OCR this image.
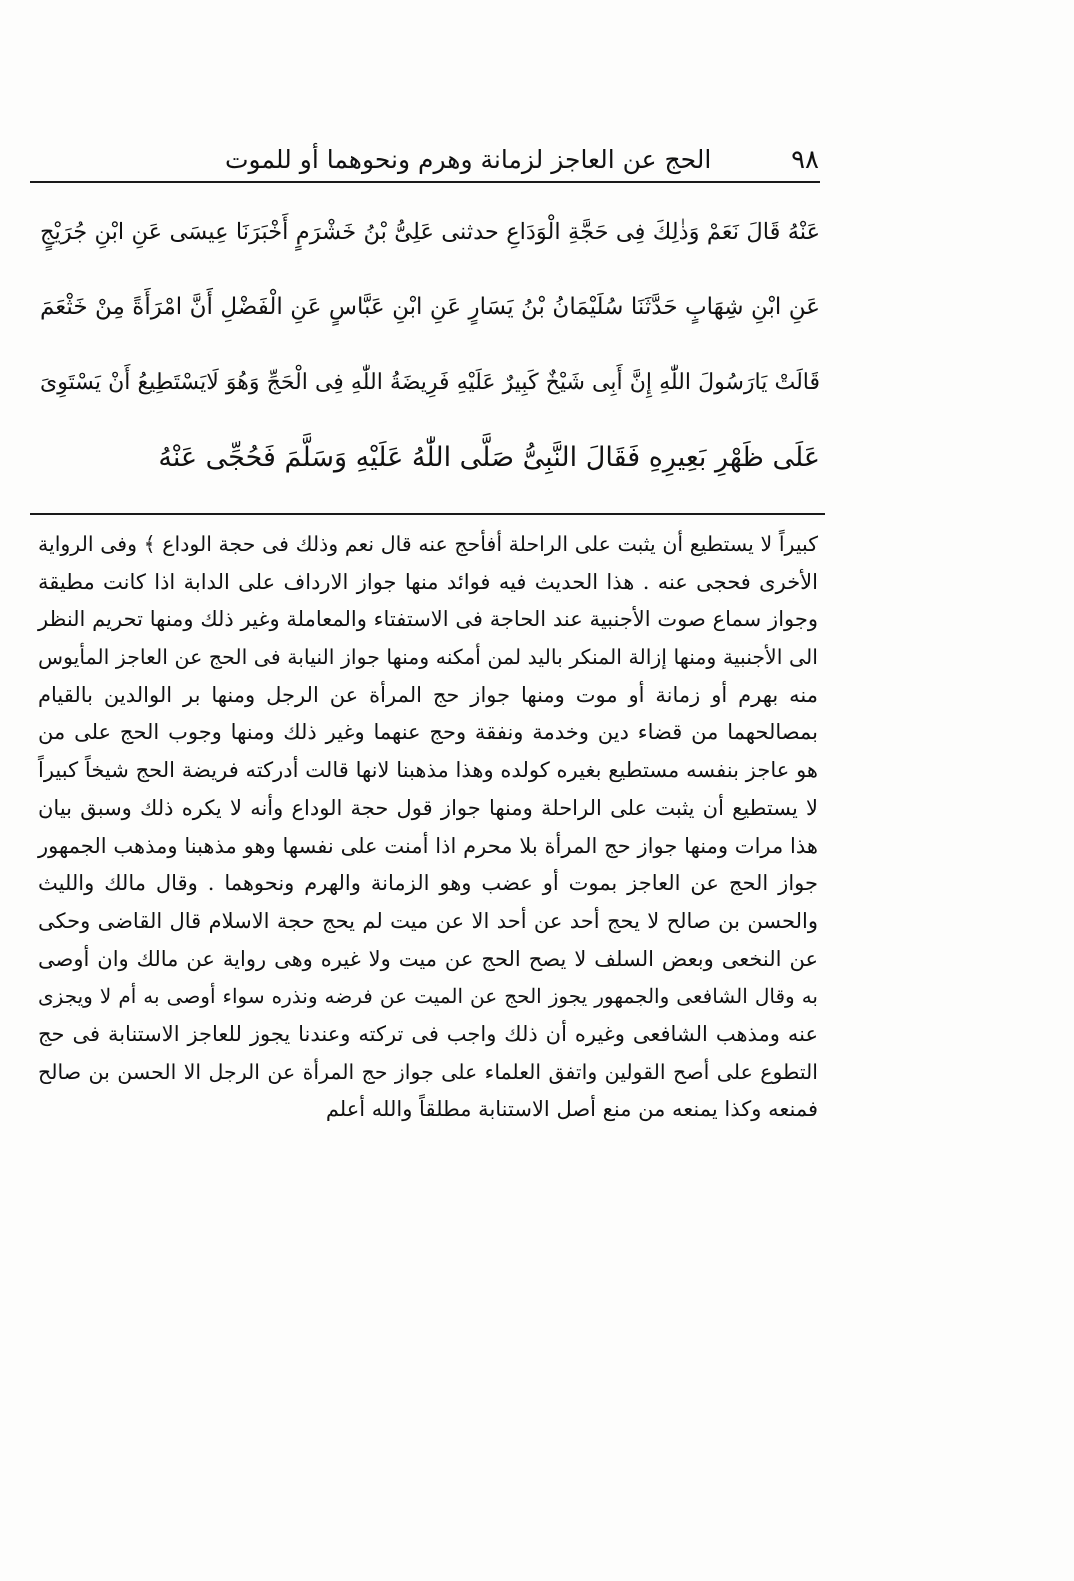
٩٨
الحج عن العاجز لزمانة وهرم ونحوهما أو للموت
عَنْهُ قَالَ نَعَمْ وَذٰلِكَ فِى حَجَّةِ الْوَدَاعِ حدثنى عَلِىُّ بْنُ خَشْرَمٍ أَخْبَرَنَا عِيسَى عَنِ ابْنِ جُرَيْجٍ
عَنِ ابْنِ شِهَابٍ حَدَّثَنَا سُلَيْمَانُ بْنُ يَسَارٍ عَنِ ابْنِ عَبَّاسٍ عَنِ الْفَضْلِ أَنَّ امْرَأَةً مِنْ خَثْعَمَ
قَالَتْ يَارَسُولَ اللّٰهِ إِنَّ أَبِى شَيْخٌ كَبِيرٌ عَلَيْهِ فَرِيضَةُ اللّٰهِ فِى الْحَجِّ وَهُوَ لَايَسْتَطِيعُ أَنْ يَسْتَوِىَ
عَلَى ظَهْرِ بَعِيرِهِ فَقَالَ النَّبِىُّ صَلَّى اللّٰهُ عَلَيْهِ وَسَلَّمَ فَحُجِّى عَنْهُ
كبيراً لا يستطيع أن يثبت على الراحلة أفأحج عنه قال نعم وذلك فى حجة الوداع ﴾ وفى الرواية
الأخرى فحجى عنه . هذا الحديث فيه فوائد منها جواز الارداف على الدابة اذا كانت مطيقة
وجواز سماع صوت الأجنبية عند الحاجة فى الاستفتاء والمعاملة وغير ذلك ومنها تحريم النظر
الى الأجنبية ومنها إزالة المنكر باليد لمن أمكنه ومنها جواز النيابة فى الحج عن العاجز المأيوس
منه بهرم أو زمانة أو موت ومنها جواز حج المرأة عن الرجل ومنها بر الوالدين بالقيام
بمصالحهما من قضاء دين وخدمة ونفقة وحج عنهما وغير ذلك ومنها وجوب الحج على من
هو عاجز بنفسه مستطيع بغيره كولده وهذا مذهبنا لانها قالت أدركته فريضة الحج شيخاً كبيراً
لا يستطيع أن يثبت على الراحلة ومنها جواز قول حجة الوداع وأنه لا يكره ذلك وسبق بيان
هذا مرات ومنها جواز حج المرأة بلا محرم اذا أمنت على نفسها وهو مذهبنا ومذهب الجمهور
جواز الحج عن العاجز بموت أو عضب وهو الزمانة والهرم ونحوهما . وقال مالك والليث
والحسن بن صالح لا يحج أحد عن أحد الا عن ميت لم يحج حجة الاسلام قال القاضى وحكى
عن النخعى وبعض السلف لا يصح الحج عن ميت ولا غيره وهى رواية عن مالك وان أوصى
به وقال الشافعى والجمهور يجوز الحج عن الميت عن فرضه ونذره سواء أوصى به أم لا ويجزى
عنه ومذهب الشافعى وغيره أن ذلك واجب فى تركته وعندنا يجوز للعاجز الاستنابة فى حج
التطوع على أصح القولين واتفق العلماء على جواز حج المرأة عن الرجل الا الحسن بن صالح
فمنعه وكذا يمنعه من منع أصل الاستنابة مطلقاً والله أعلم
